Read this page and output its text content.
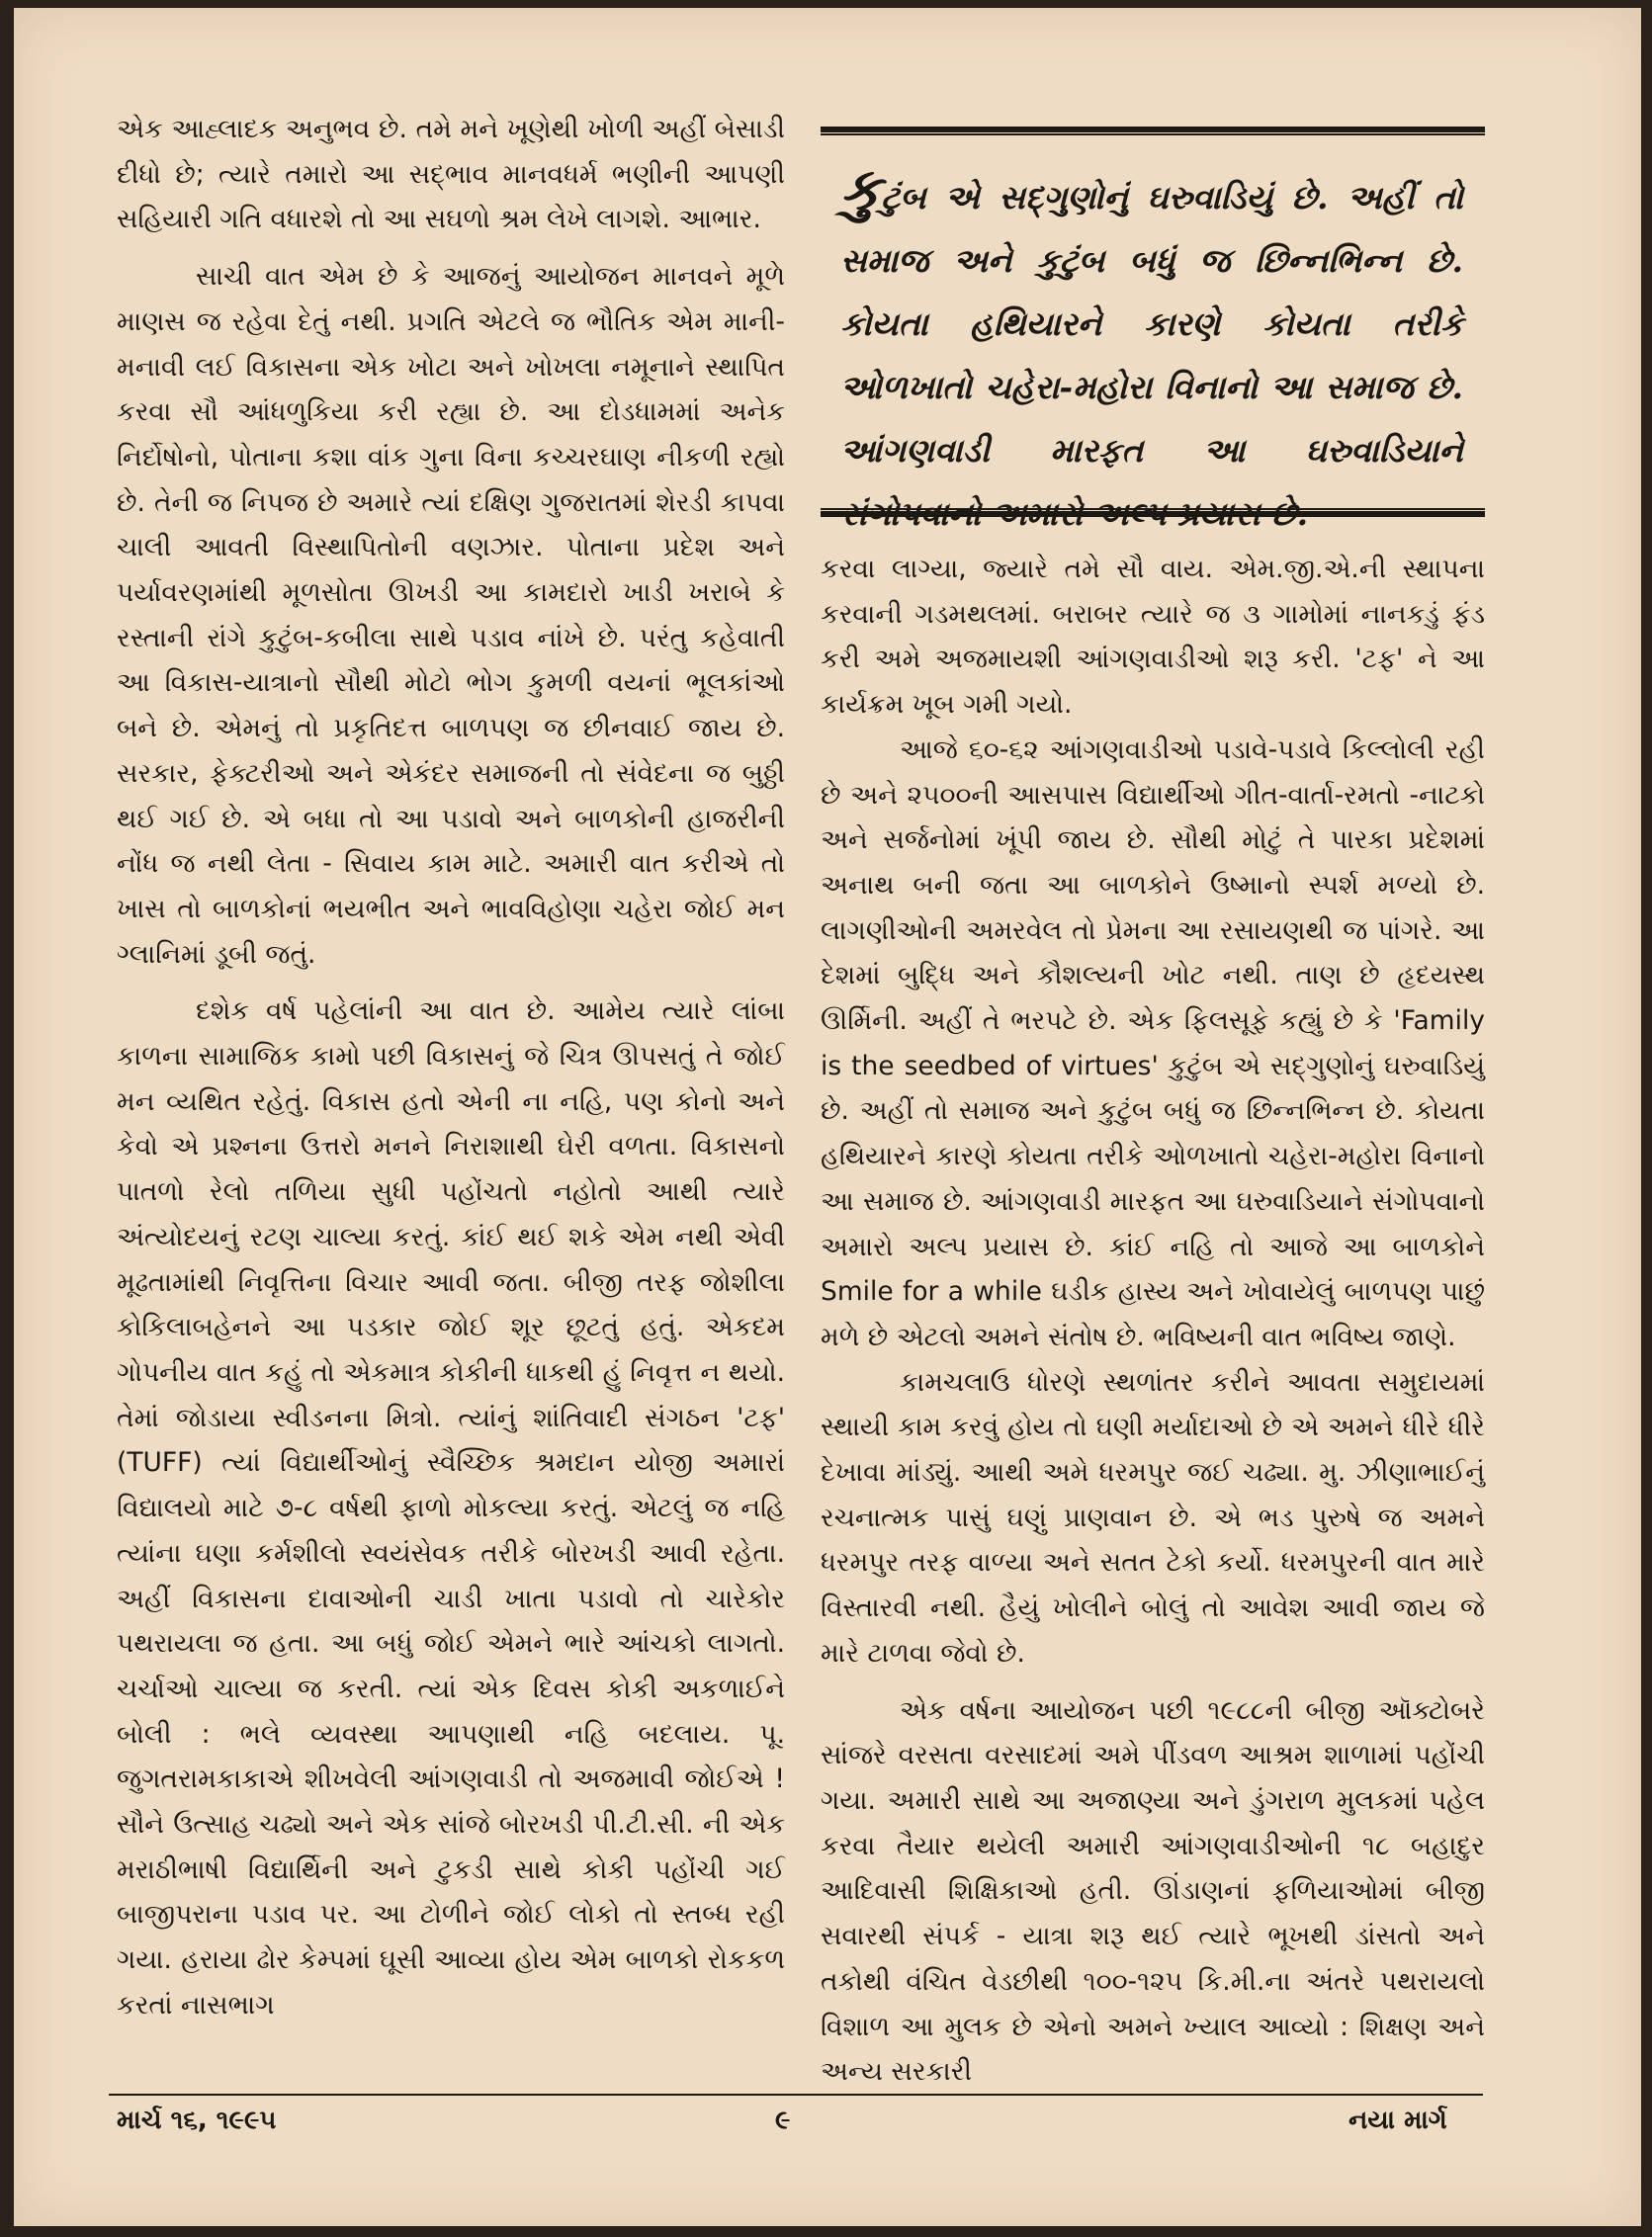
એક આહ્લાદક અનુભવ છે. તમે મને ખૂણેથી ખોળી અહીં બેસાડી દીધો છે; ત્યારે તમારો આ સદ્ભાવ માનવધર્મ ભણીની આપણી સહિયારી ગતિ વધારશે તો આ સઘળો શ્રમ લેખે લાગશે. આભાર.

સાચી વાત એમ છે કે આજનું આયોજન માનવને મૂળે માણસ જ રહેવા દેતું નથી. પ્રગતિ એટલે જ ભૌતિક એમ માની-મનાવી લઈ વિકાસના એક ખોટા અને ખોખલા નમૂનાને સ્થાપિત કરવા સૌ આંધળુકિયા કરી રહ્યા છે. આ દોડધામમાં અનેક નિર્દોષોનો, પોતાના કશા વાંક ગુના વિના કચ્ચરઘાણ નીકળી રહ્યો છે. તેની જ નિપજ છે અમારે ત્યાં દક્ષિણ ગુજરાતમાં શેરડી કાપવા ચાલી આવતી વિસ્થાપિતોની વણઝાર. પોતાના પ્રદેશ અને પર્યાવરણમાંથી મૂળસોતા ઊખડી આ કામદારો ખાડી ખરાબે કે રસ્તાની રાંગે કુટુંબ-કબીલા સાથે પડાવ નાંખે છે. પરંતુ કહેવાતી આ વિકાસ-યાત્રાનો સૌથી મોટો ભોગ કુમળી વયનાં ભૂલકાંઓ બને છે. એમનું તો પ્રકૃતિદત્ત બાળપણ જ છીનવાઈ જાય છે. સરકાર, ફેક્ટરીઓ અને એકંદર સમાજની તો સંવેદના જ બુઠ્ઠી થઈ ગઈ છે. એ બધા તો આ પડાવો અને બાળકોની હાજરીની નોંધ જ નથી લેતા - સિવાય કામ માટે. અમારી વાત કરીએ તો ખાસ તો બાળકોનાં ભયભીત અને ભાવવિહોણા ચહેરા જોઈ મન ગ્લાનિમાં ડૂબી જતું.

દશેક વર્ષ પહેલાંની આ વાત છે. આમેય ત્યારે લાંબા કાળના સામાજિક કામો પછી વિકાસનું જે ચિત્ર ઊપસતું તે જોઈ મન વ્યથિત રહેતું. વિકાસ હતો એની ના નહિ, પણ કોનો અને કેવો એ પ્રશ્નના ઉત્તરો મનને નિરાશાથી ઘેરી વળતા. વિકાસનો પાતળો રેલો તળિયા સુધી પહોંચતો નહોતો આથી ત્યારે અંત્યોદયનું રટણ ચાલ્યા કરતું. કાંઈ થઈ શકે એમ નથી એવી મૂઢતામાંથી નિવૃત્તિના વિચાર આવી જતા. બીજી તરફ જોશીલા કોકિલાબહેનને આ પડકાર જોઈ શૂર છૂટતું હતું. એકદમ ગોપનીય વાત કહું તો એકમાત્ર કોકીની ધાકથી હું નિવૃત્ત ન થયો. તેમાં જોડાયા સ્વીડનના મિત્રો. ત્યાંનું શાંતિવાદી સંગઠન 'ટફ' (TUFF) ત્યાં વિદ્યાર્થીઓનું સ્વૈચ્છિક શ્રમદાન યોજી અમારાં વિદ્યાલયો માટે ૭-૮ વર્ષથી ફાળો મોકલ્યા કરતું. એટલું જ નહિ ત્યાંના ઘણા કર્મશીલો સ્વયંસેવક તરીકે બોરખડી આવી રહેતા. અહીં વિકાસના દાવાઓની ચાડી ખાતા પડાવો તો ચારેકોર પથરાયલા જ હતા. આ બધું જોઈ એમને ભારે આંચકો લાગતો. ચર્ચાઓ ચાલ્યા જ કરતી. ત્યાં એક દિવસ કોકી અકળાઈને બોલી : ભલે વ્યવસ્થા આપણાથી નહિ બદલાય. પૂ. જુગતરામકાકાએ શીખવેલી આંગણવાડી તો અજમાવી જોઈએ ! સૌને ઉત્સાહ ચઢ્યો અને એક સાંજે બોરખડી પી.ટી.સી. ની એક મરાઠીભાષી વિદ્યાર્થિની અને ટુકડી સાથે કોકી પહોંચી ગઈ બાજીપરાના પડાવ પર. આ ટોળીને જોઈ લોકો તો સ્તબ્ધ રહી ગયા. હરાયા ઢોર કેમ્પમાં ઘૂસી આવ્યા હોય એમ બાળકો રોકકળ કરતાં નાસભાગ

કુટુંબ એ સદ્ગુણોનું ઘરુવાડિયું છે. અહીં તો સમાજ અને કુટુંબ બધું જ છિન્નભિન્ન છે. કોયતા હથિયારને કારણે કોયતા તરીકે ઓળખાતો ચહેરા-મહોરા વિનાનો આ સમાજ છે. આંગણવાડી મારફત આ ઘરુવાડિયાને સંગોપવાનો અમારો અલ્પ પ્રયાસ છે.

કરવા લાગ્યા, જ્યારે તમે સૌ વાય. એમ.જી.એ.ની સ્થાપના કરવાની ગડમથલમાં. બરાબર ત્યારે જ ૩ ગામોમાં નાનકડું ફંડ કરી અમે અજમાયશી આંગણવાડીઓ શરૂ કરી. 'ટફ' ને આ કાર્યક્રમ ખૂબ ગમી ગયો.

આજે ૬૦-૬૨ આંગણવાડીઓ પડાવે-પડાવે કિલ્લોલી રહી છે અને ૨૫૦૦ની આસપાસ વિદ્યાર્થીઓ ગીત-વાર્તા-રમતો -નાટકો અને સર્જનોમાં ખૂંપી જાય છે. સૌથી મોટું તે પારકા પ્રદેશમાં અનાથ બની જતા આ બાળકોને ઉષ્માનો સ્પર્શ મળ્યો છે. લાગણીઓની અમરવેલ તો પ્રેમના આ રસાયણથી જ પાંગરે. આ દેશમાં બુદ્ધિ અને કૌશલ્યની ખોટ નથી. તાણ છે હૃદયસ્થ ઊર્મિની. અહીં તે ભરપટે છે. એક ફિલસૂફે કહ્યું છે કે 'Family is the seedbed of virtues' કુટુંબ એ સદ્ગુણોનું ઘરુવાડિયું છે. અહીં તો સમાજ અને કુટુંબ બધું જ છિન્નભિન્ન છે. કોયતા હથિયારને કારણે કોયતા તરીકે ઓળખાતો ચહેરા-મહોરા વિનાનો આ સમાજ છે. આંગણવાડી મારફત આ ઘરુવાડિયાને સંગોપવાનો અમારો અલ્પ પ્રયાસ છે. કાંઈ નહિ તો આજે આ બાળકોને Smile for a while ઘડીક હાસ્ય અને ખોવાયેલું બાળપણ પાછું મળે છે એટલો અમને સંતોષ છે. ભવિષ્યની વાત ભવિષ્ય જાણે.

કામચલાઉ ધોરણે સ્થળાંતર કરીને આવતા સમુદાયમાં સ્થાયી કામ કરવું હોય તો ઘણી મર્યાદાઓ છે એ અમને ધીરે ધીરે દેખાવા માંડ્યું. આથી અમે ધરમપુર જઈ ચઢ્યા. મુ. ઝીણાભાઈનું રચનાત્મક પાસું ઘણું પ્રાણવાન છે. એ ભડ પુરુષે જ અમને ધરમપુર તરફ વાળ્યા અને સતત ટેકો કર્યો. ધરમપુરની વાત મારે વિસ્તારવી નથી. હૈયું ખોલીને બોલું તો આવેશ આવી જાય જે મારે ટાળવા જેવો છે.

એક વર્ષના આયોજન પછી ૧૯૮૮ની બીજી ઑક્ટોબરે સાંજરે વરસતા વરસાદમાં અમે પીંડવળ આશ્રમ શાળામાં પહોંચી ગયા. અમારી સાથે આ અજાણ્યા અને ડુંગરાળ મુલકમાં પહેલ કરવા તૈયાર થયેલી અમારી આંગણવાડીઓની ૧૮ બહાદુર આદિવાસી શિક્ષિકાઓ હતી. ઊંડાણનાં ફળિયાઓમાં બીજી સવારથી સંપર્ક - યાત્રા શરૂ થઈ ત્યારે ભૂખથી ડાંસતો અને તકોથી વંચિત વેડછીથી ૧૦૦-૧૨૫ કિ.મી.ના અંતરે પથરાયલો વિશાળ આ મુલક છે એનો અમને ખ્યાલ આવ્યો : શિક્ષણ અને અન્ય સરકારી

માર્ચ ૧૬, ૧૯૯૫	૯	નયા માર્ગ
